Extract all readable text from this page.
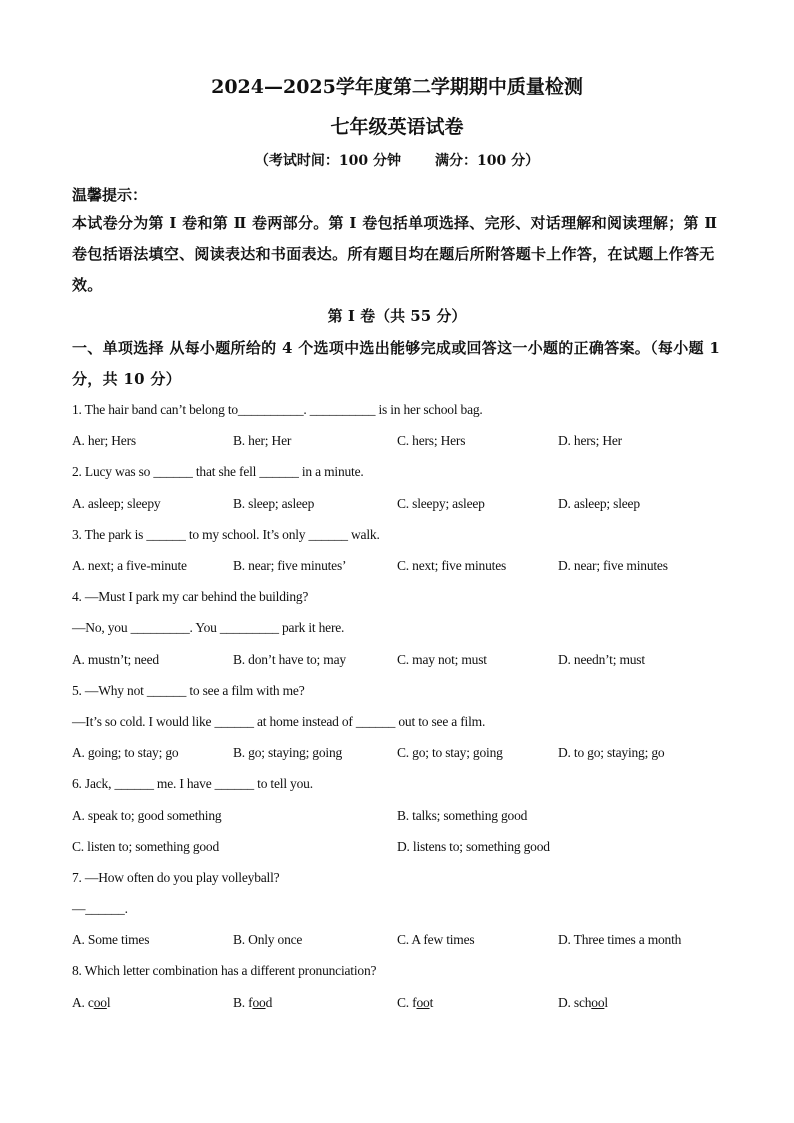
2024—2025学年度第二学期期中质量检测
七年级英语试卷
（考试时间：100 分钟 满分：100 分）
温馨提示：
本试卷分为第 Ⅰ 卷和第 Ⅱ 卷两部分。第 Ⅰ 卷包括单项选择、完形、对话理解和阅读理解；第 Ⅱ 卷包括语法填空、阅读表达和书面表达。所有题目均在题后所附答题卡上作答，在试题上作答无效。
第 Ⅰ 卷（共 55 分）
一、单项选择 从每小题所给的 4 个选项中选出能够完成或回答这一小题的正确答案。（每小题 1 分，共 10 分）
1. The hair band can’t belong to__________. __________ is in her school bag.
A. her; Hers	B. her; Her	C. hers; Hers	D. hers; Her
2. Lucy was so ______ that she fell ______ in a minute.
A. asleep; sleepy	B. sleep; asleep	C. sleepy; asleep	D. asleep; sleep
3. The park is ______ to my school. It’s only ______ walk.
A. next; a five-minute	B. near; five minutes’	C. next; five minutes	D. near; five minutes
4. —Must I park my car behind the building?
—No, you _________. You _________ park it here.
A. mustn’t; need	B. don’t have to; may	C. may not; must	D. needn’t; must
5. —Why not ______ to see a film with me?
—It’s so cold. I would like ______ at home instead of ______ out to see a film.
A. going; to stay; go	B. go; staying; going	C. go; to stay; going	D. to go; staying; go
6. Jack, ______ me. I have ______ to tell you.
A. speak to; good something	B. talks; something good
C. listen to; something good	D. listens to; something good
7. —How often do you play volleyball?
—______.
A. Some times	B. Only once	C. A few times	D. Three times a month
8. Which letter combination has a different pronunciation?
A. cool	B. food	C. foot	D. school
